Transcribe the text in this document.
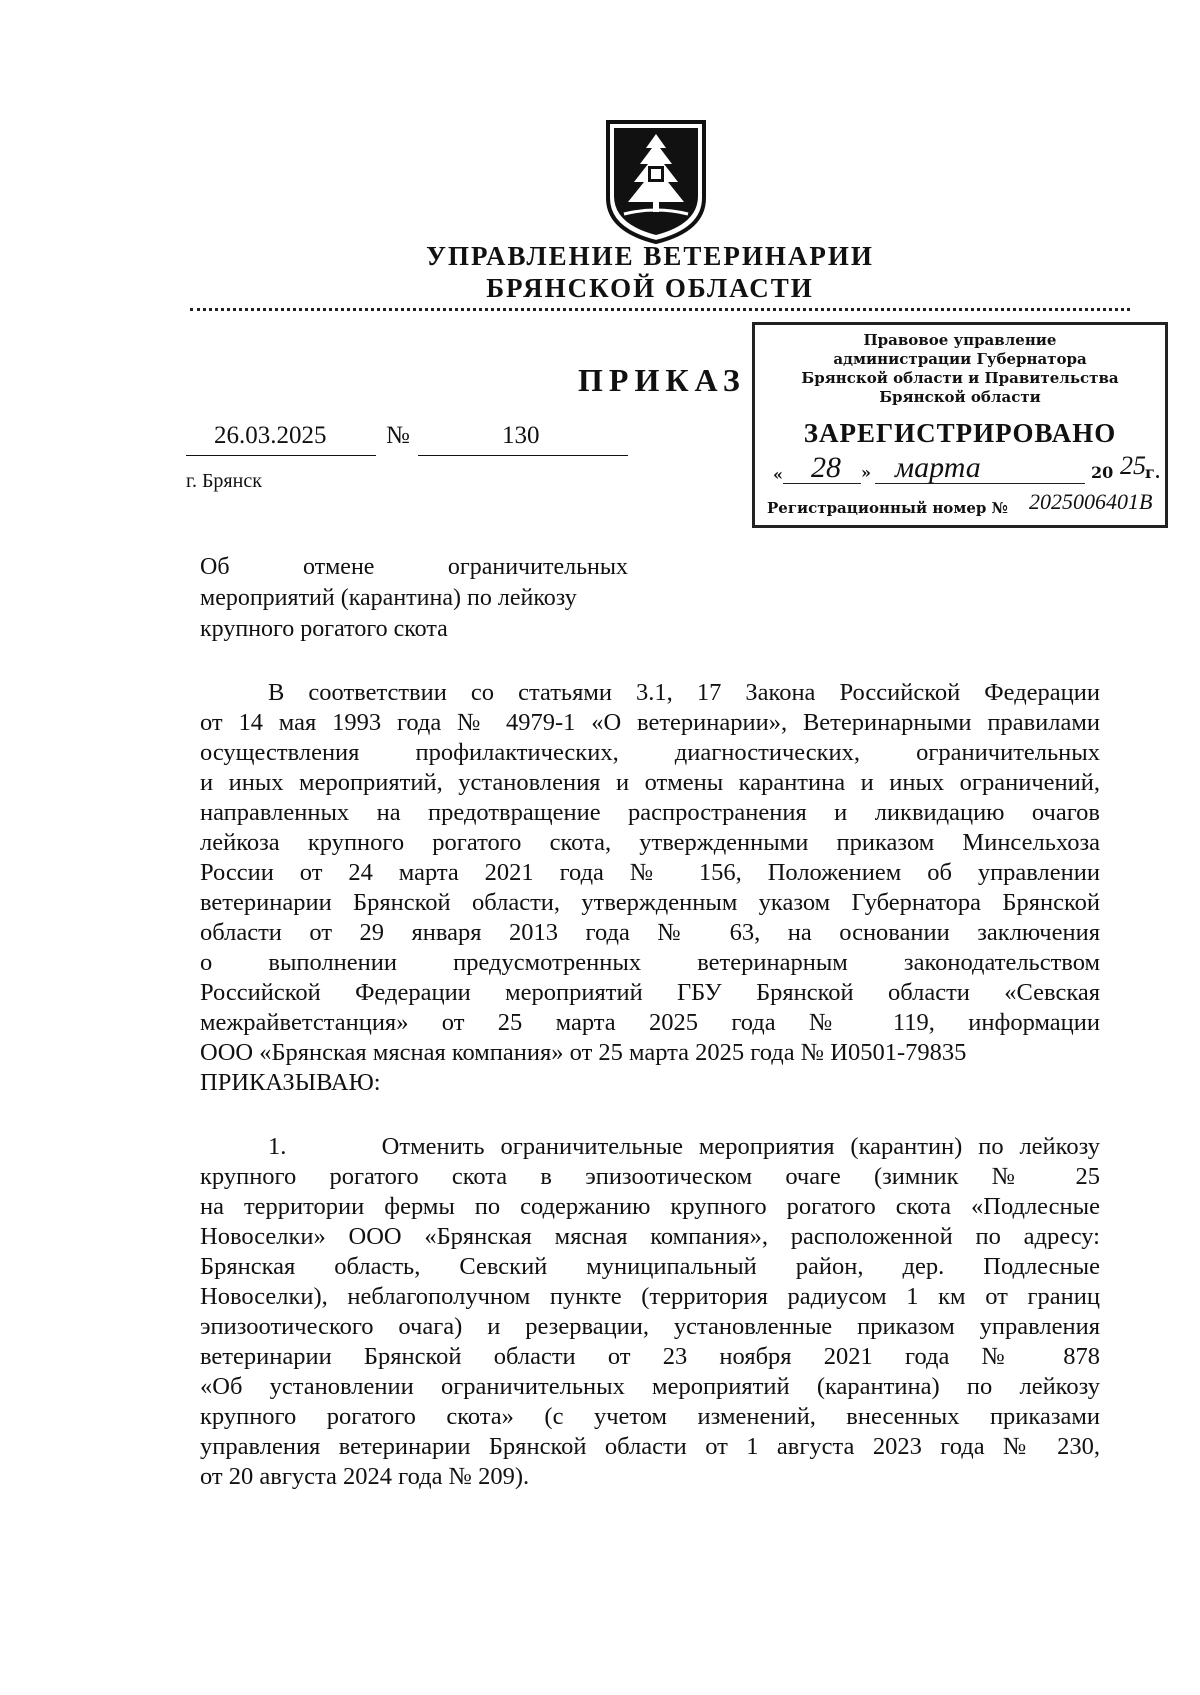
УПРАВЛЕНИЕ ВЕТЕРИНАРИИ
БРЯНСКОЙ ОБЛАСТИ
ПРИКАЗ
26.03.2025 №	130
г. Брянск
Правовое управление
администрации Губернатора
Брянской области и Правительства
Брянской области
ЗАРЕГИСТРИРОВАНО
« 28 » марта	20 25 г.
Регистрационный номер № 2025006401В
Об отмене ограничительных
мероприятий (карантина) по лейкозу
крупного рогатого скота
В соответствии со статьями 3.1, 17 Закона Российской Федерации
от 14 мая 1993 года № 4979-1 «О ветеринарии», Ветеринарными правилами
осуществления профилактических, диагностических, ограничительных
и иных мероприятий, установления и отмены карантина и иных ограничений,
направленных на предотвращение распространения и ликвидацию очагов
лейкоза крупного рогатого скота, утвержденными приказом Минсельхоза
России от 24 марта 2021 года № 156, Положением об управлении
ветеринарии Брянской области, утвержденным указом Губернатора Брянской
области от 29 января 2013 года № 63, на основании заключения
о выполнении предусмотренных ветеринарным законодательством
Российской Федерации мероприятий ГБУ Брянской области «Севская
межрайветстанция» от 25 марта 2025 года № 119, информации
ООО «Брянская мясная компания» от 25 марта 2025 года № И0501-79835
ПРИКАЗЫВАЮ:
1.      Отменить ограничительные мероприятия (карантин) по лейкозу
крупного рогатого скота в эпизоотическом очаге (зимник № 25
на территории фермы по содержанию крупного рогатого скота «Подлесные
Новоселки» ООО «Брянская мясная компания», расположенной по адресу:
Брянская область, Севский муниципальный район, дер. Подлесные
Новоселки), неблагополучном пункте (территория радиусом 1 км от границ
эпизоотического очага) и резервации, установленные приказом управления
ветеринарии Брянской области от 23 ноября 2021 года № 878
«Об установлении ограничительных мероприятий (карантина) по лейкозу
крупного рогатого скота» (с учетом изменений, внесенных приказами
управления ветеринарии Брянской области от 1 августа 2023 года № 230,
от 20 августа 2024 года № 209).
